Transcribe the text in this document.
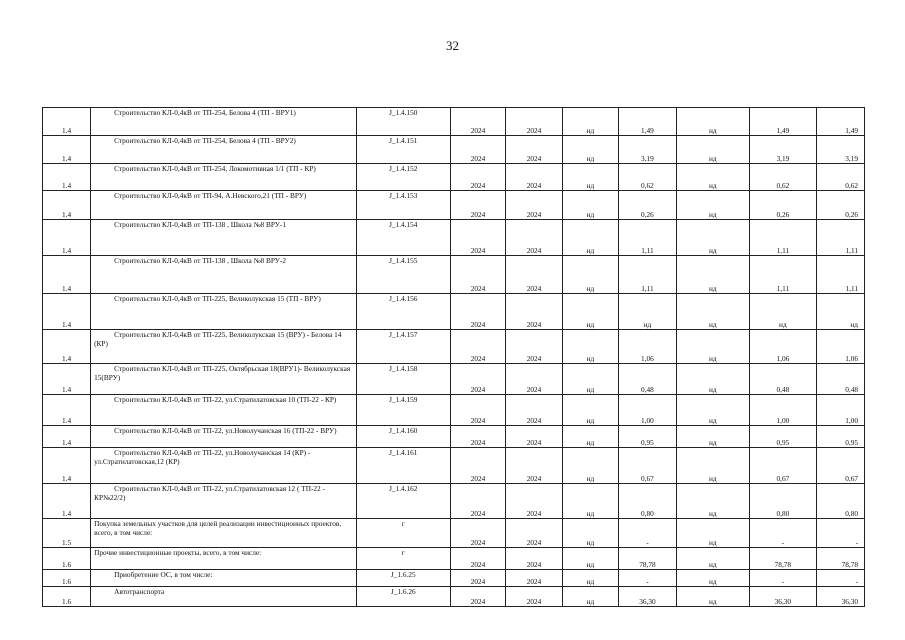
32
1.4	Строительство КЛ-0,4кВ от ТП-254, Белова 4 (ТП - ВРУ1)	J_1.4.150	2024	2024	нд	1,49	нд	1,49	1,49
1.4	Строительство КЛ-0,4кВ от ТП-254, Белова 4 (ТП - ВРУ2)	J_1.4.151	2024	2024	нд	3,19	нд	3,19	3,19
1.4	Строительство КЛ-0,4кВ от ТП-254, Локомотивная 1/1 (ТП - КР)	J_1.4.152	2024	2024	нд	0,62	нд	0,62	0,62
1.4	Строительство КЛ-0,4кВ от ТП-94, А.Невского,21 (ТП - ВРУ)	J_1.4.153	2024	2024	нд	0,26	нд	0,26	0,26
1.4	Строительство КЛ-0,4кВ от ТП-138 , Школа №8 ВРУ-1	J_1.4.154	2024	2024	нд	1,11	нд	1,11	1,11
1.4	Строительство КЛ-0,4кВ от ТП-138 , Школа №8 ВРУ-2	J_1.4.155	2024	2024	нд	1,11	нд	1,11	1,11
1.4	Строительство КЛ-0,4кВ от ТП-225, Великолукская 15 (ТП - ВРУ)	J_1.4.156	2024	2024	нд	нд	нд	нд	нд
1.4	Строительство КЛ-0,4кВ от ТП-225, Великолукская 15 (ВРУ) - Белова 14 (КР)	J_1.4.157	2024	2024	нд	1,06	нд	1,06	1,06
1.4	Строительство КЛ-0,4кВ от ТП-225, Октябрьская 18(ВРУ1)- Великолукская 15(ВРУ)	J_1.4.158	2024	2024	нд	0,48	нд	0,48	0,48
1.4	Строительство КЛ-0,4кВ от ТП-22, ул.Стратилатовская 10 (ТП-22 - КР)	J_1.4.159	2024	2024	нд	1,00	нд	1,00	1,00
1.4	Строительство КЛ-0,4кВ от ТП-22, ул.Новолучанская 16 (ТП-22 - ВРУ)	J_1.4.160	2024	2024	нд	0,95	нд	0,95	0,95
1.4	Строительство КЛ-0,4кВ от ТП-22, ул.Новолучанская 14 (КР) - ул.Стратилатовская,12 (КР)	J_1.4.161	2024	2024	нд	0,67	нд	0,67	0,67
1.4	Строительство КЛ-0,4кВ от ТП-22, ул.Стратилатовская 12 ( ТП-22 - КР№22/2)	J_1.4.162	2024	2024	нд	0,80	нд	0,80	0,80
1.5	Покупка земельных участков для целей реализации инвестиционных проектов, всего, в том числе:	г	2024	2024	нд	-	нд	-	-
1.6	Прочие инвестиционные проекты, всего, в том числе:	г	2024	2024	нд	78,78	нд	78,78	78,78
1.6	Приобретение ОС, в том числе:	J_1.6.25	2024	2024	нд	-	нд	-	-
1.6	Автотранспорта	J_1.6.26	2024	2024	нд	36,30	нд	36,30	36,30
